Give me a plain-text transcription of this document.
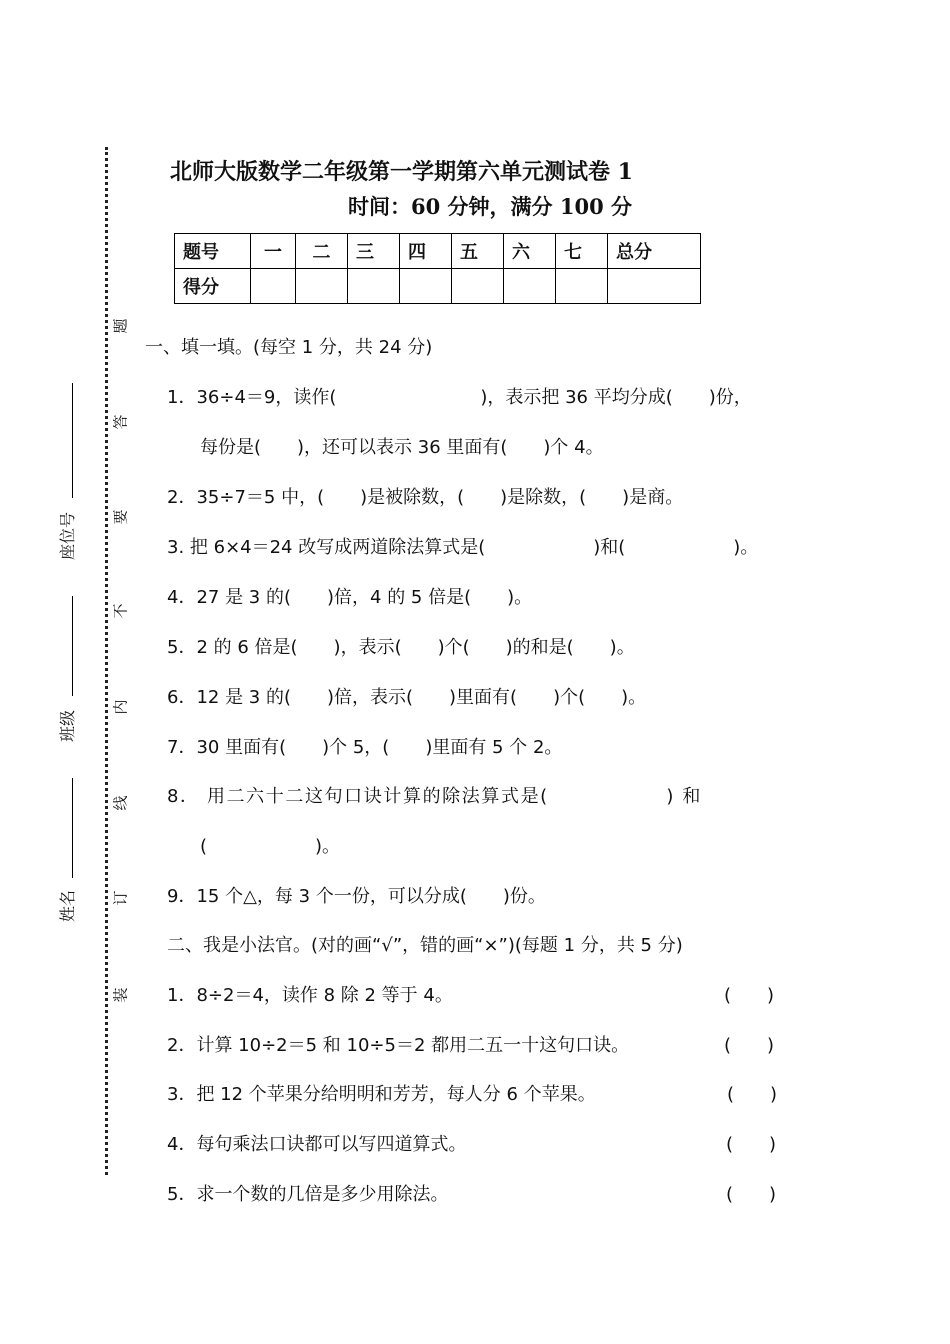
题
答
要
不
内
线
订
装
座位号
班级
姓名
北师大版数学二年级第一学期第六单元测试卷 1
时间：60 分钟，满分 100 分
题号	一	二	三	四	五	六	七	总分
得分								
一、填一填。(每空 1 分，共 24 分)
1．36÷4＝9，读作(　　　　　　　　)，表示把 36 平均分成(　　)份，
每份是(　　)，还可以表示 36 里面有(　　)个 4。
2．35÷7＝5 中，(　　)是被除数，(　　)是除数，(　　)是商。
3. 把 6×4＝24 改写成两道除法算式是(　　　　　　)和(　　　　　　)。
4．27 是 3 的(　　)倍，4 的 5 倍是(　　)。
5．2 的 6 倍是(　　)，表示(　　)个(　　)的和是(　　)。
6．12 是 3 的(　　)倍，表示(　　)里面有(　　)个(　　)。
7．30 里面有(　　)个 5，(　　)里面有 5 个 2。
8． 用二六十二这句口诀计算的除法算式是(　　　　　　) 和
(　　　　　　)。
9．15 个△，每 3 个一份，可以分成(　　)份。
二、我是小法官。(对的画“√”，错的画“×”)(每题 1 分，共 5 分)
1．8÷2＝4，读作 8 除 2 等于 4。	(　　)
2．计算 10÷2＝5 和 10÷5＝2 都用二五一十这句口诀。	(　　)
3．把 12 个苹果分给明明和芳芳，每人分 6 个苹果。	(　　)
4．每句乘法口诀都可以写四道算式。	(　　)
5．求一个数的几倍是多少用除法。	(　　)
